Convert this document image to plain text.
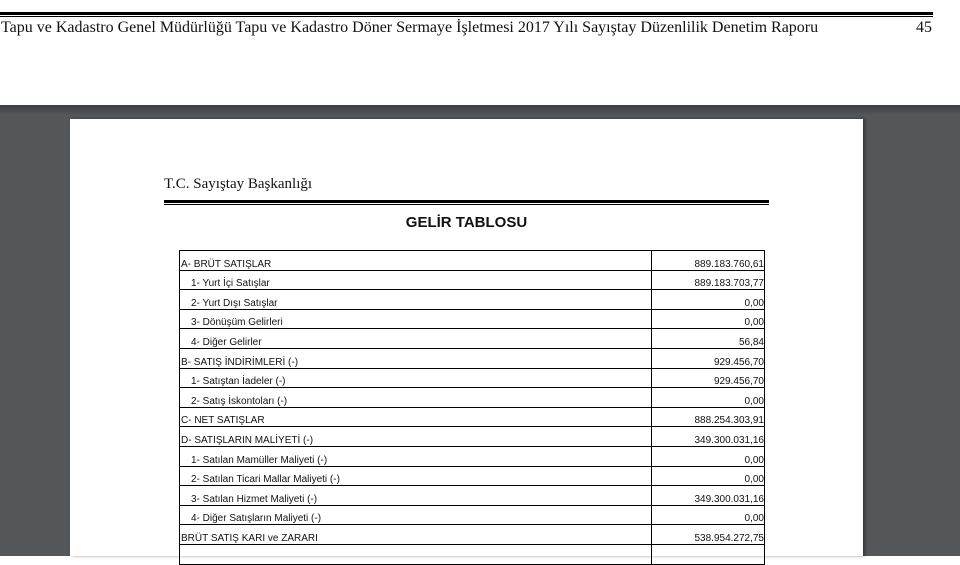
Tapu ve Kadastro Genel Müdürlüğü Tapu ve Kadastro Döner Sermaye İşletmesi 2017 Yılı Sayıştay Düzenlilik Denetim Raporu	45
T.C. Sayıştay Başkanlığı
GELİR TABLOSU
A- BRÜT SATIŞLAR	889.183.760,61
1- Yurt İçi Satışlar	889.183.703,77
2- Yurt Dışı Satışlar	0,00
3- Dönüşüm Gelirleri	0,00
4- Diğer Gelirler	56,84
B- SATIŞ İNDİRİMLERİ (-)	929.456,70
1- Satıştan İadeler (-)	929.456,70
2- Satış İskontoları (-)	0,00
C- NET SATIŞLAR	888.254.303,91
D- SATIŞLARIN MALİYETİ (-)	349.300.031,16
1- Satılan Mamüller Maliyeti (-)	0,00
2- Satılan Ticari Mallar Maliyeti (-)	0,00
3- Satılan Hizmet Maliyeti (-)	349.300.031,16
4- Diğer Satışların Maliyeti (-)	0,00
BRÜT SATIŞ KARI ve ZARARI	538.954.272,75
